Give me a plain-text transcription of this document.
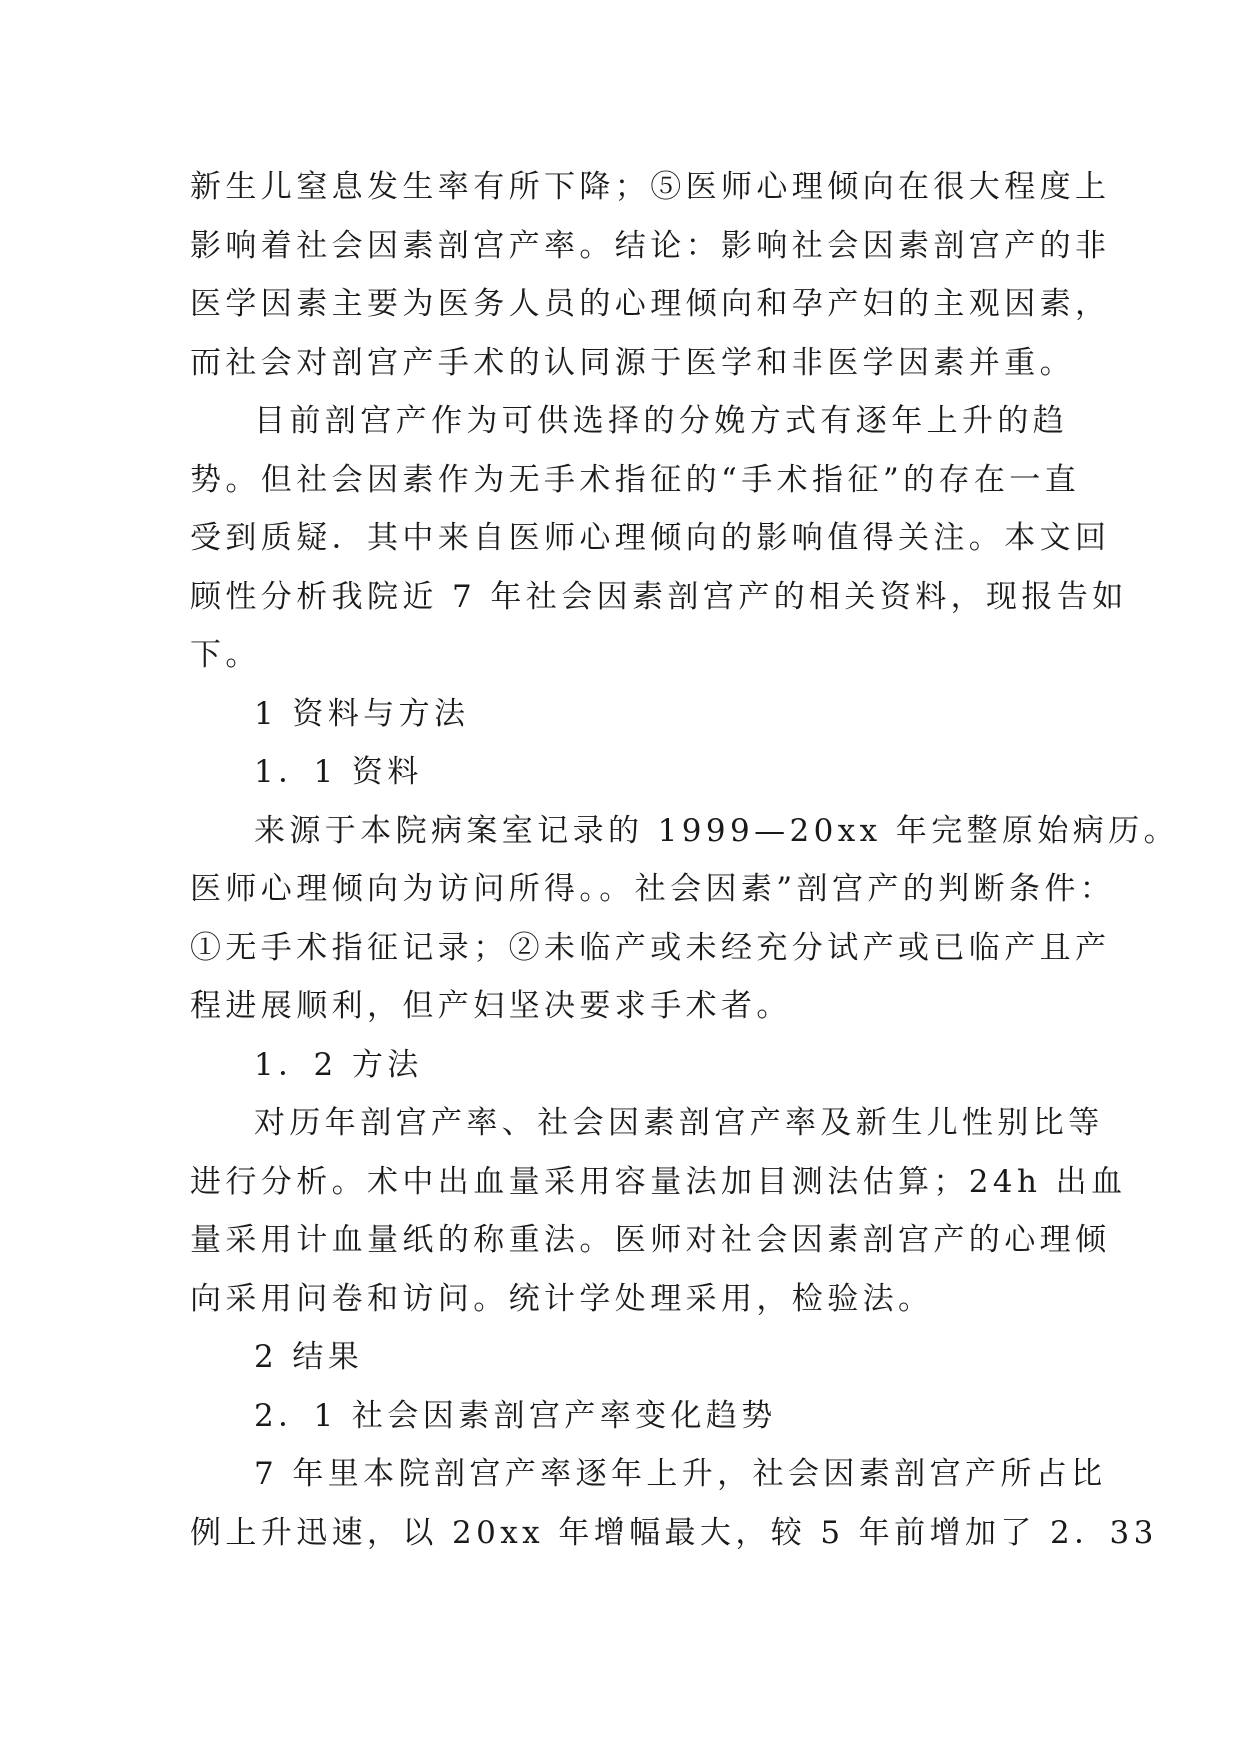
新生儿窒息发生率有所下降；⑤医师心理倾向在很大程度上
影响着社会因素剖宫产率。结论：影响社会因素剖宫产的非
医学因素主要为医务人员的心理倾向和孕产妇的主观因素，
而社会对剖宫产手术的认同源于医学和非医学因素并重。
目前剖宫产作为可供选择的分娩方式有逐年上升的趋
势。但社会因素作为无手术指征的“手术指征”的存在一直
受到质疑．其中来自医师心理倾向的影响值得关注。本文回
顾性分析我院近 7 年社会因素剖宫产的相关资料，现报告如
下。
1 资料与方法
1．1 资料
来源于本院病案室记录的 1999—20xx 年完整原始病历。
医师心理倾向为访问所得。。社会因素”剖宫产的判断条件：
①无手术指征记录；②未临产或未经充分试产或已临产且产
程进展顺利，但产妇坚决要求手术者。
1．2 方法
对历年剖宫产率、社会因素剖宫产率及新生儿性别比等
进行分析。术中出血量采用容量法加目测法估算；24h 出血
量采用计血量纸的称重法。医师对社会因素剖宫产的心理倾
向采用问卷和访问。统计学处理采用，检验法。
2 结果
2．1 社会因素剖宫产率变化趋势
7 年里本院剖宫产率逐年上升，社会因素剖宫产所占比
例上升迅速，以 20xx 年增幅最大，较 5 年前增加了 2．33
